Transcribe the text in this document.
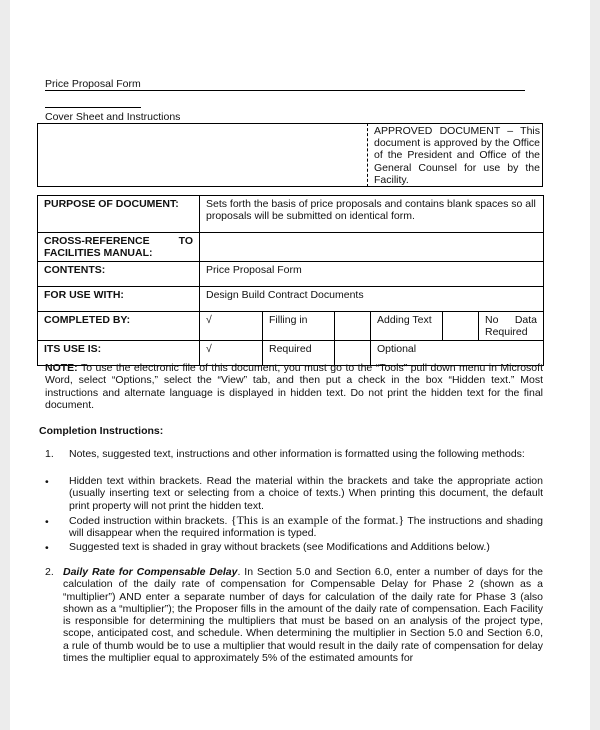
Price Proposal Form
Cover Sheet and Instructions
APPROVED DOCUMENT – This document is approved by the Office of the President and Office of the General Counsel for use by the Facility.
PURPOSE OF DOCUMENT:	Sets forth the basis of price proposals and contains blank spaces so all proposals will be submitted on identical form.					

CROSS-REFERENCE TO
FACILITIES MANUAL:						

CONTENTS:	Price Proposal Form					
FOR USE WITH:	Design Build Contract Documents					
COMPLETED BY:	√	Filling in		Adding Text		No Data
Required

ITS USE IS:	√	Required		Optional		
NOTE: To use the electronic file of this document, you must go to the “Tools” pull down menu in Microsoft Word, select “Options,” select the “View” tab, and then put a check in the box “Hidden text.” Most instructions and alternate language is displayed in hidden text. Do not print the hidden text for the final document.
Completion Instructions:
1. Notes, suggested text, instructions and other information is formatted using the following methods:
• Hidden text within brackets. Read the material within the brackets and take the appropriate action (usually inserting text or selecting from a choice of texts.) When printing this document, the default print property will not print the hidden text.
• Coded instruction within brackets. {This is an example of the format.} The instructions and shading will disappear when the required information is typed.
• Suggested text is shaded in gray without brackets (see Modifications and Additions below.)
2. Daily Rate for Compensable Delay. In Section 5.0 and Section 6.0, enter a number of days for the calculation of the daily rate of compensation for Compensable Delay for Phase 2 (shown as a “multiplier”) AND enter a separate number of days for calculation of the daily rate for Phase 3 (also shown as a “multiplier”); the Proposer fills in the amount of the daily rate of compensation. Each Facility is responsible for determining the multipliers that must be based on an analysis of the project type, scope, anticipated cost, and schedule. When determining the multiplier in Section 5.0 and Section 6.0, a rule of thumb would be to use a multiplier that would result in the daily rate of compensation for delay times the multiplier equal to approximately 5% of the estimated amounts for
